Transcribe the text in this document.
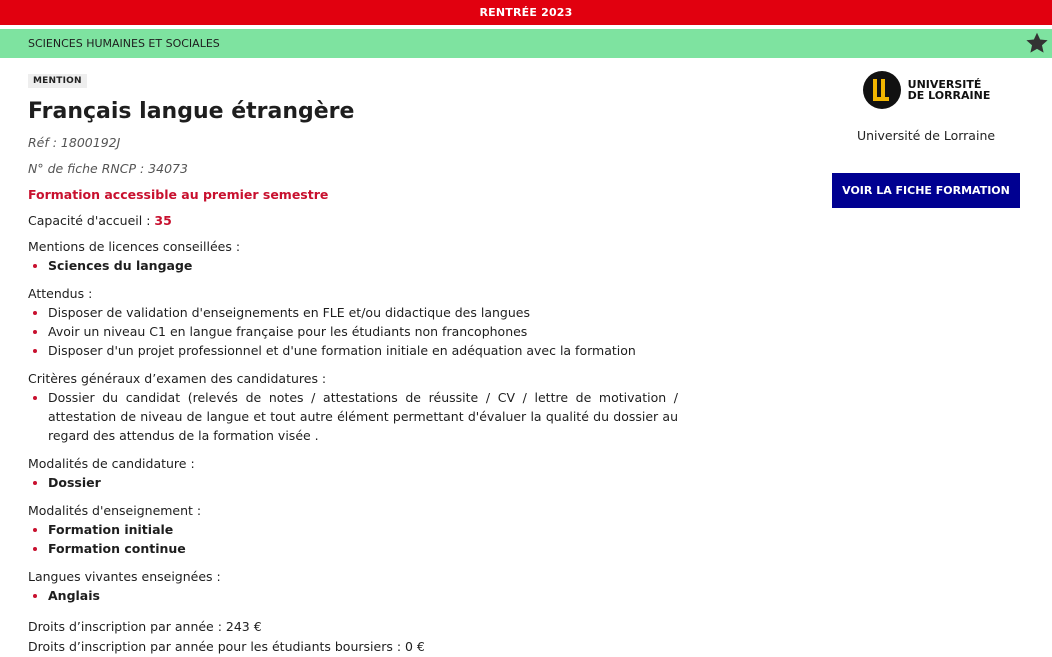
RENTRÉE 2023
SCIENCES HUMAINES ET SOCIALES
MENTION
Français langue étrangère
Réf : 1800192J
N° de fiche RNCP : 34073
Formation accessible au premier semestre
Capacité d'accueil : 35
Mentions de licences conseillées :
Sciences du langage
Attendus :
Disposer de validation d'enseignements en FLE et/ou didactique des langues
Avoir un niveau C1 en langue française pour les étudiants non francophones
Disposer d'un projet professionnel et d'une formation initiale en adéquation avec la formation
Critères généraux d’examen des candidatures :
Dossier du candidat (relevés de notes / attestations de réussite / CV / lettre de motivation / attestation de niveau de langue et tout autre élément permettant d'évaluer la qualité du dossier au regard des attendus de la formation visée .
Modalités de candidature :
Dossier
Modalités d'enseignement :
Formation initiale
Formation continue
Langues vivantes enseignées :
Anglais
Droits d’inscription par année : 243 €
Droits d’inscription par année pour les étudiants boursiers : 0 €
UNIVERSITÉ
DE LORRAINE
Université de Lorraine
VOIR LA FICHE FORMATION
